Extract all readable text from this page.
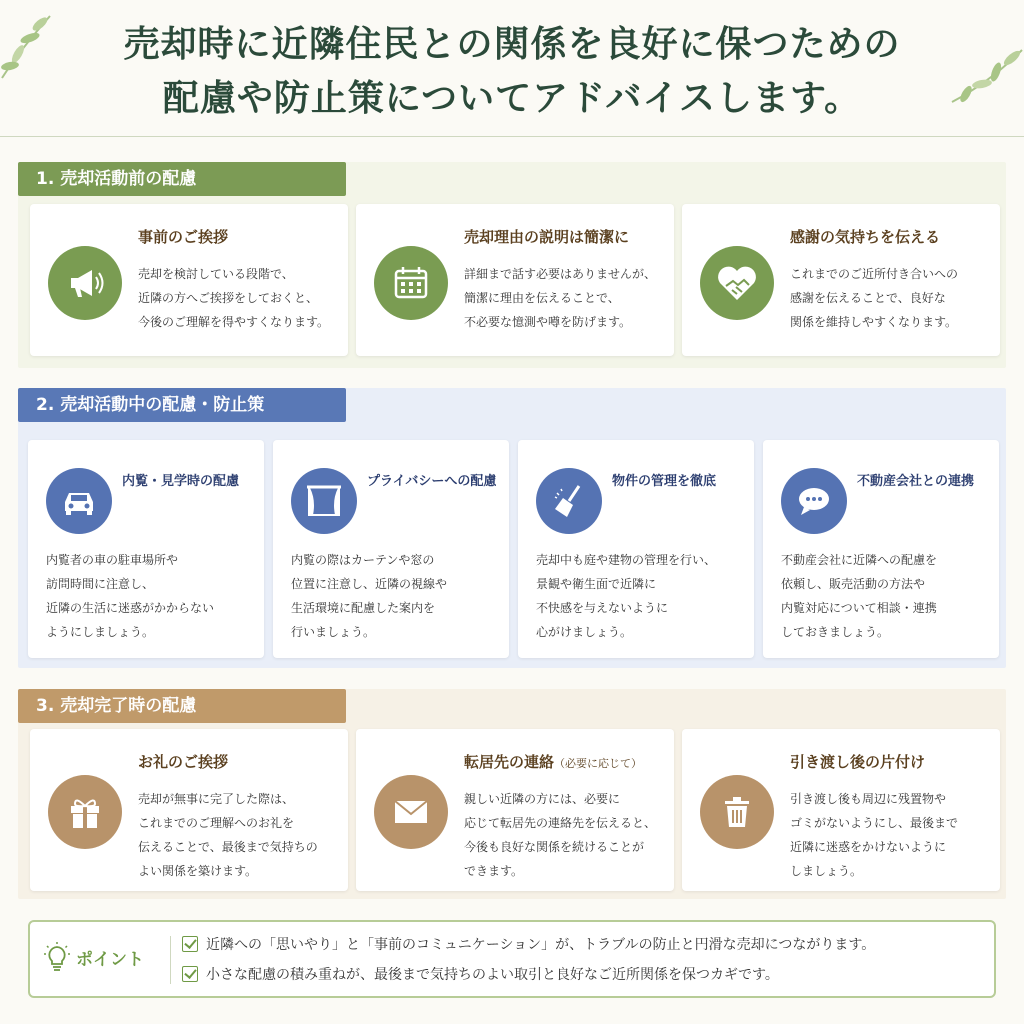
売却時に近隣住民との関係を良好に保つための
配慮や防止策についてアドバイスします。
1. 売却活動前の配慮
事前のご挨拶
売却を検討している段階で、
近隣の方へご挨拶をしておくと、
今後のご理解を得やすくなります。
売却理由の説明は簡潔に
詳細まで話す必要はありませんが、
簡潔に理由を伝えることで、
不必要な憶測や噂を防げます。
感謝の気持ちを伝える
これまでのご近所付き合いへの
感謝を伝えることで、良好な
関係を維持しやすくなります。
2. 売却活動中の配慮・防止策
内覧・見学時の配慮
内覧者の車の駐車場所や
訪問時間に注意し、
近隣の生活に迷惑がかからない
ようにしましょう。
プライバシーへの配慮
内覧の際はカーテンや窓の
位置に注意し、近隣の視線や
生活環境に配慮した案内を
行いましょう。
物件の管理を徹底
売却中も庭や建物の管理を行い、
景観や衛生面で近隣に
不快感を与えないように
心がけましょう。
不動産会社との連携
不動産会社に近隣への配慮を
依頼し、販売活動の方法や
内覧対応について相談・連携
しておきましょう。
3. 売却完了時の配慮
お礼のご挨拶
売却が無事に完了した際は、
これまでのご理解へのお礼を
伝えることで、最後まで気持ちの
よい関係を築けます。
転居先の連絡（必要に応じて）
親しい近隣の方には、必要に
応じて転居先の連絡先を伝えると、
今後も良好な関係を続けることが
できます。
引き渡し後の片付け
引き渡し後も周辺に残置物や
ゴミがないようにし、最後まで
近隣に迷惑をかけないように
しましょう。
ポイント
近隣への「思いやり」と「事前のコミュニケーション」が、トラブルの防止と円滑な売却につながります。
小さな配慮の積み重ねが、最後まで気持ちのよい取引と良好なご近所関係を保つカギです。
